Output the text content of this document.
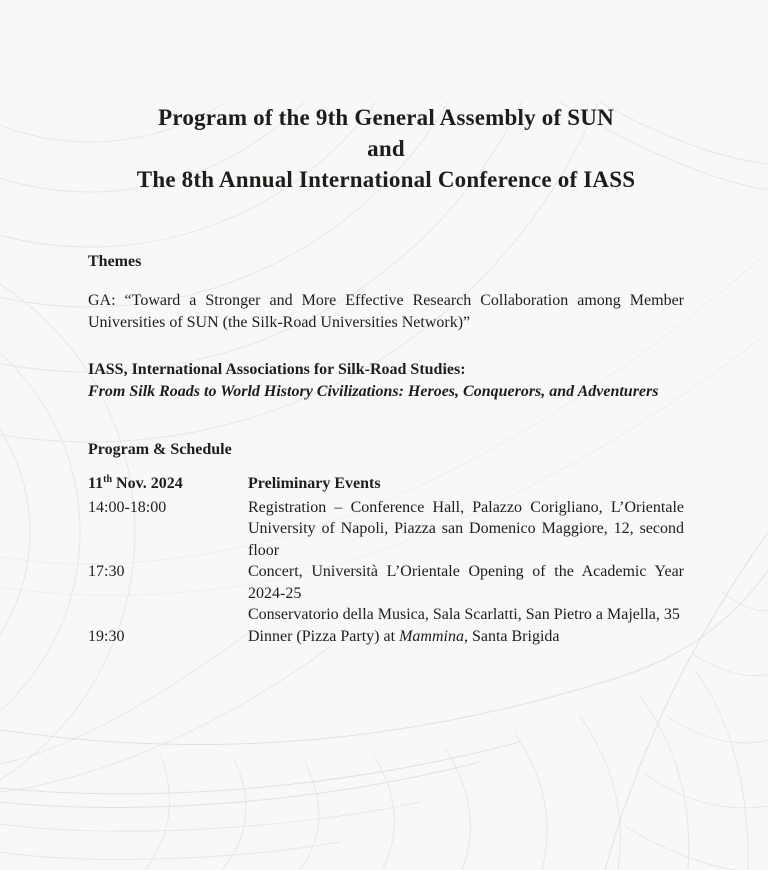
Program of the 9th General Assembly of SUN
and
The 8th Annual International Conference of IASS
Themes
GA: “Toward a Stronger and More Effective Research Collaboration among Member Universities of SUN (the Silk-Road Universities Network)”
IASS, International Associations for Silk-Road Studies:
From Silk Roads to World History Civilizations: Heroes, Conquerors, and Adventurers
Program & Schedule
11th Nov. 2024	Preliminary Events
14:00-18:00	Registration – Conference Hall, Palazzo Corigliano, L’Orientale University of Napoli, Piazza san Domenico Maggiore, 12, second floor
17:30	Concert, Università L’Orientale Opening of the Academic Year 2024-25
Conservatorio della Musica, Sala Scarlatti, San Pietro a Majella, 35
19:30	Dinner (Pizza Party) at Mammina, Santa Brigida
